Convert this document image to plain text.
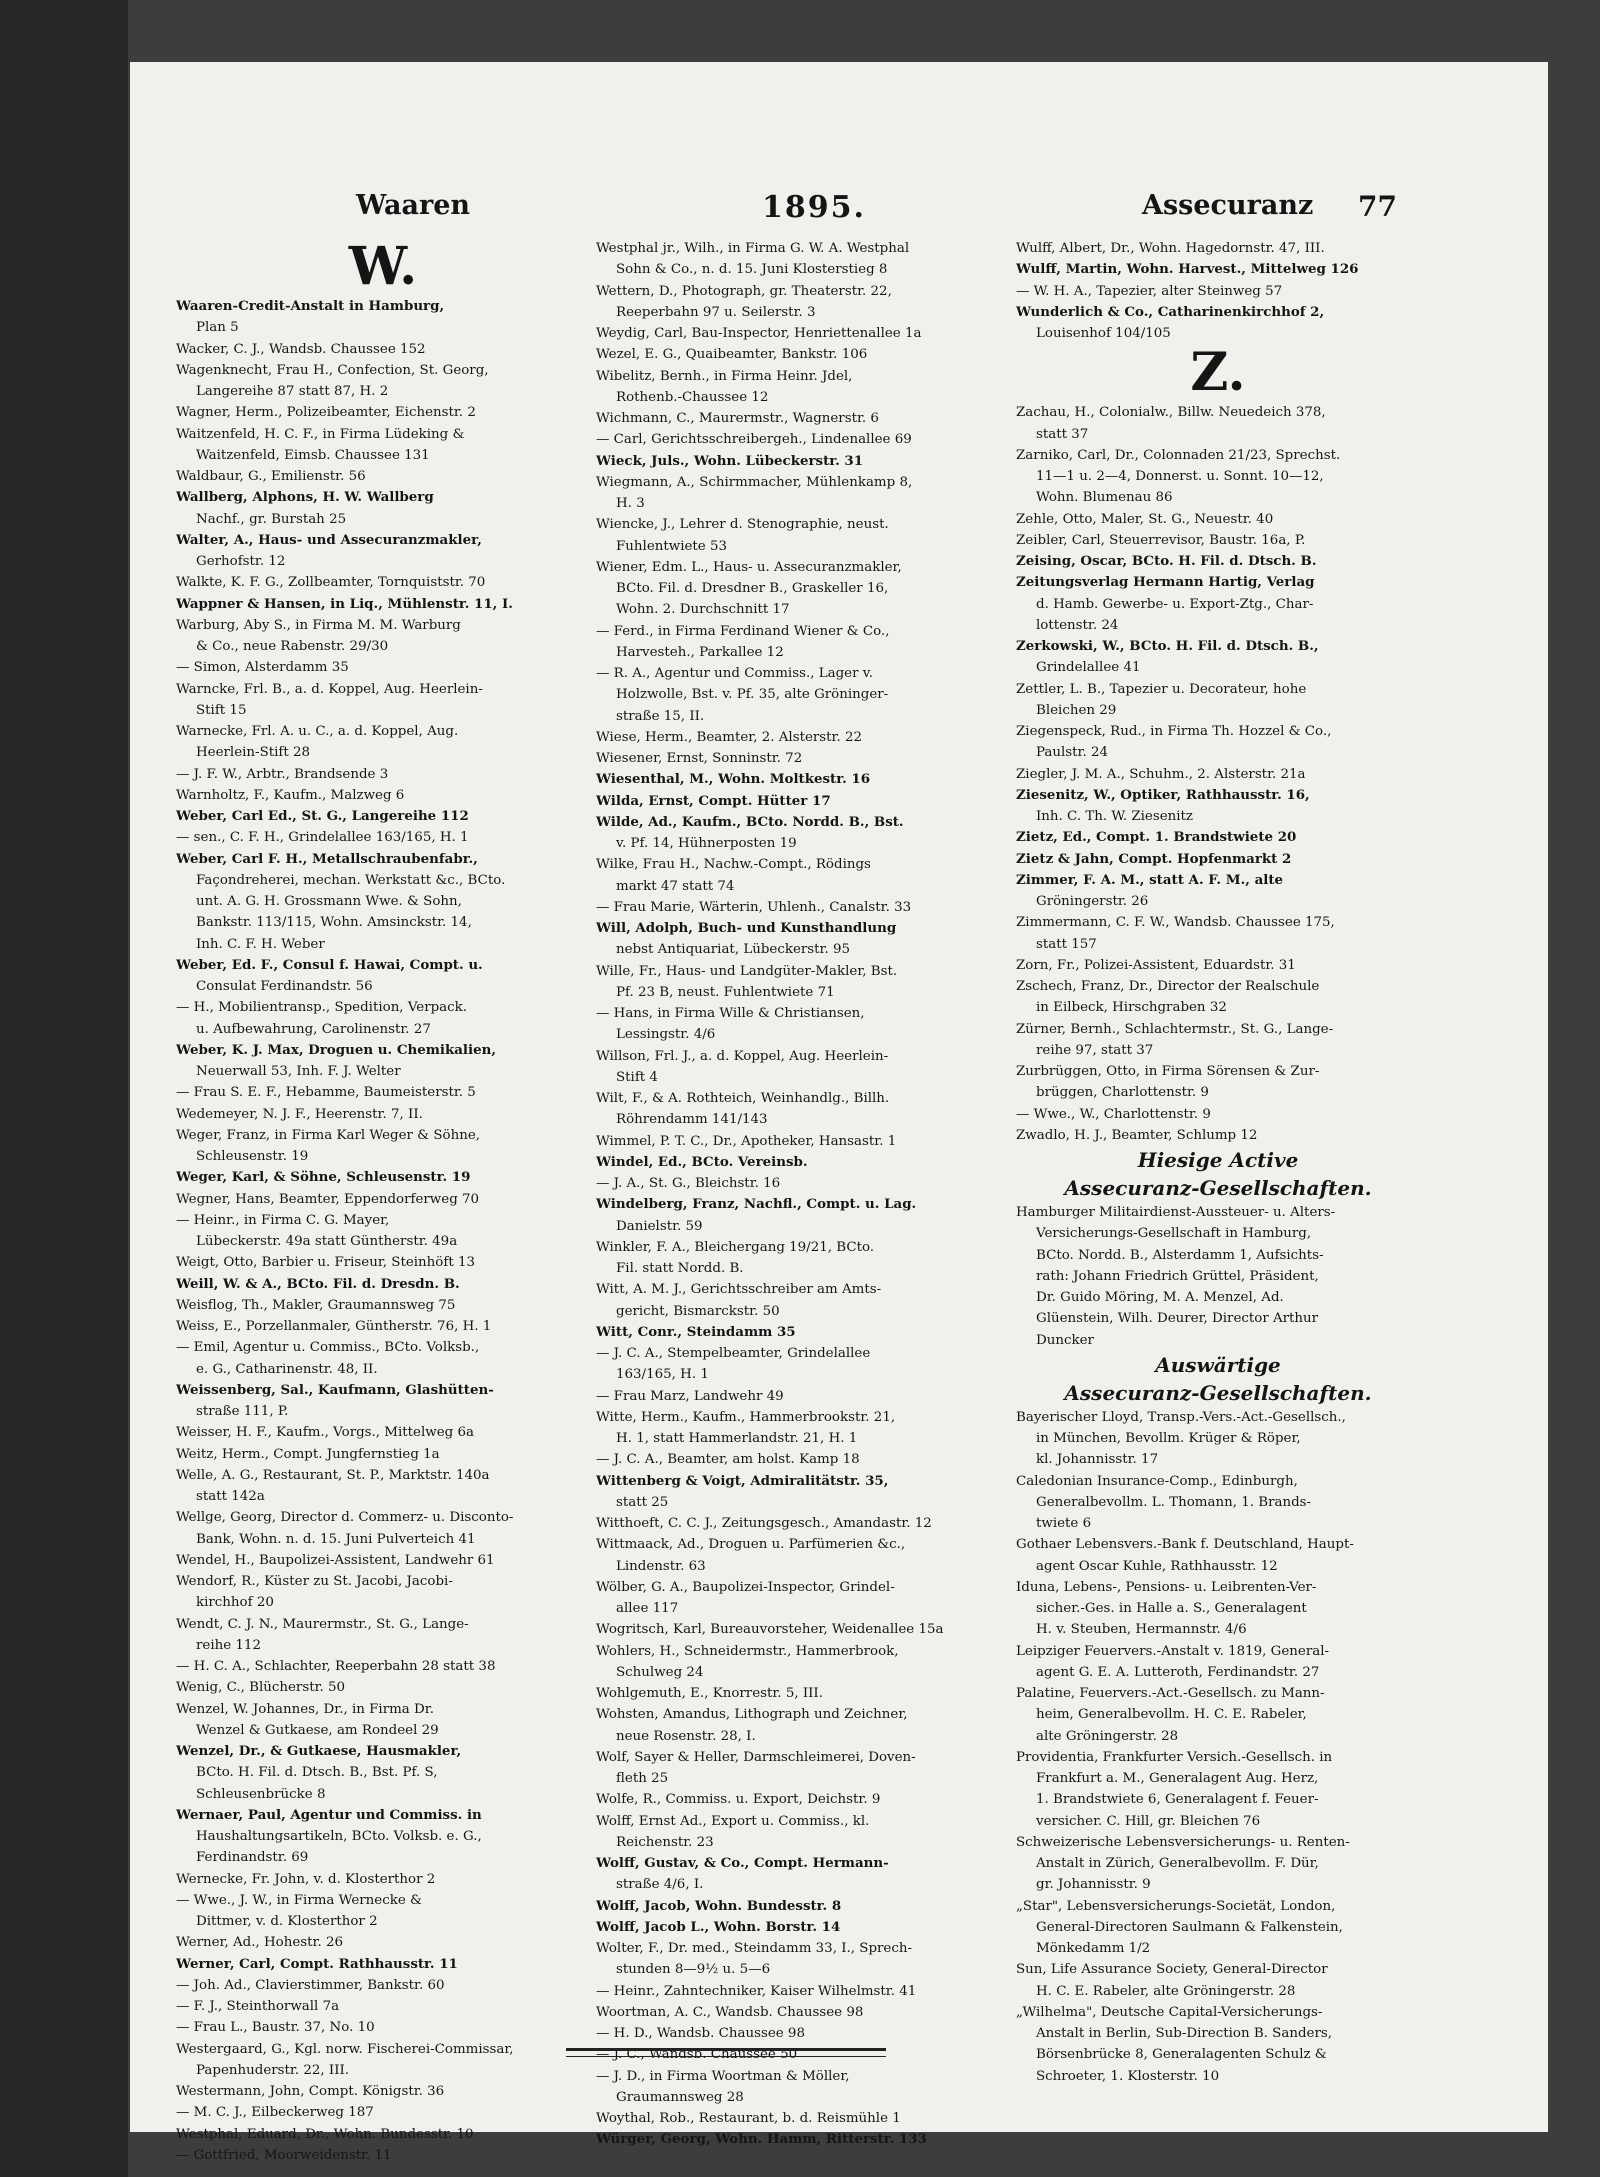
Waaren	1895.	Assecuranz 77
W.
Waaren-Credit-Anstalt in Hamburg,
Plan 5
Wacker, C. J., Wandsb. Chaussee 152
Wagenknecht, Frau H., Confection, St. Georg,
Langereihe 87 statt 87, H. 2
Wagner, Herm., Polizeibeamter, Eichenstr. 2
Waitzenfeld, H. C. F., in Firma Lüdeking &
Waitzenfeld, Eimsb. Chaussee 131
Waldbaur, G., Emilienstr. 56
Wallberg, Alphons, H. W. Wallberg
Nachf., gr. Burstah 25
Walter, A., Haus- und Assecuranzmakler,
Gerhofstr. 12
Walkte, K. F. G., Zollbeamter, Tornquiststr. 70
Wappner & Hansen, in Liq., Mühlenstr. 11, I.
Warburg, Aby S., in Firma M. M. Warburg
& Co., neue Rabenstr. 29/30
— Simon, Alsterdamm 35
Warncke, Frl. B., a. d. Koppel, Aug. Heerlein-
Stift 15
Warnecke, Frl. A. u. C., a. d. Koppel, Aug.
Heerlein-Stift 28
— J. F. W., Arbtr., Brandsende 3
Warnholtz, F., Kaufm., Malzweg 6
Weber, Carl Ed., St. G., Langereihe 112
— sen., C. F. H., Grindelallee 163/165, H. 1
Weber, Carl F. H., Metallschraubenfabr.,
Façondreherei, mechan. Werkstatt &c., BCto.
unt. A. G. H. Grossmann Wwe. & Sohn,
Bankstr. 113/115, Wohn. Amsinckstr. 14,
Inh. C. F. H. Weber
Weber, Ed. F., Consul f. Hawai, Compt. u.
Consulat Ferdinandstr. 56
— H., Mobilientransp., Spedition, Verpack.
u. Aufbewahrung, Carolinenstr. 27
Weber, K. J. Max, Droguen u. Chemikalien,
Neuerwall 53, Inh. F. J. Welter
— Frau S. E. F., Hebamme, Baumeisterstr. 5
Wedemeyer, N. J. F., Heerenstr. 7, II.
Weger, Franz, in Firma Karl Weger & Söhne,
Schleusenstr. 19
Weger, Karl, & Söhne, Schleusenstr. 19
Wegner, Hans, Beamter, Eppendorferweg 70
— Heinr., in Firma C. G. Mayer,
Lübeckerstr. 49a statt Güntherstr. 49a
Weigt, Otto, Barbier u. Friseur, Steinhöft 13
Weill, W. & A., BCto. Fil. d. Dresdn. B.
Weisflog, Th., Makler, Graumannsweg 75
Weiss, E., Porzellanmaler, Güntherstr. 76, H. 1
— Emil, Agentur u. Commiss., BCto. Volksb.,
e. G., Catharinenstr. 48, II.
Weissenberg, Sal., Kaufmann, Glashütten-
straße 111, P.
Weisser, H. F., Kaufm., Vorgs., Mittelweg 6a
Weitz, Herm., Compt. Jungfernstieg 1a
Welle, A. G., Restaurant, St. P., Marktstr. 140a
statt 142a
Wellge, Georg, Director d. Commerz- u. Disconto-
Bank, Wohn. n. d. 15. Juni Pulverteich 41
Wendel, H., Baupolizei-Assistent, Landwehr 61
Wendorf, R., Küster zu St. Jacobi, Jacobi-
kirchhof 20
Wendt, C. J. N., Maurermstr., St. G., Lange-
reihe 112
— H. C. A., Schlachter, Reeperbahn 28 statt 38
Wenig, C., Blücherstr. 50
Wenzel, W. Johannes, Dr., in Firma Dr.
Wenzel & Gutkaese, am Rondeel 29
Wenzel, Dr., & Gutkaese, Hausmakler,
BCto. H. Fil. d. Dtsch. B., Bst. Pf. S,
Schleusenbrücke 8
Wernaer, Paul, Agentur und Commiss. in
Haushaltungsartikeln, BCto. Volksb. e. G.,
Ferdinandstr. 69
Wernecke, Fr. John, v. d. Klosterthor 2
— Wwe., J. W., in Firma Wernecke &
Dittmer, v. d. Klosterthor 2
Werner, Ad., Hohestr. 26
Werner, Carl, Compt. Rathhausstr. 11
— Joh. Ad., Clavierstimmer, Bankstr. 60
— F. J., Steinthorwall 7a
— Frau L., Baustr. 37, No. 10
Westergaard, G., Kgl. norw. Fischerei-Commissar,
Papenhuderstr. 22, III.
Westermann, John, Compt. Königstr. 36
— M. C. J., Eilbeckerweg 187
Westphal, Eduard, Dr., Wohn. Bundesstr. 10
— Gottfried, Moorweidenstr. 11
Westphal jr., Wilh., in Firma G. W. A. Westphal
Sohn & Co., n. d. 15. Juni Klosterstieg 8
Wettern, D., Photograph, gr. Theaterstr. 22,
Reeperbahn 97 u. Seilerstr. 3
Weydig, Carl, Bau-Inspector, Henriettenallee 1a
Wezel, E. G., Quaibeamter, Bankstr. 106
Wibelitz, Bernh., in Firma Heinr. Jdel,
Rothenb.-Chaussee 12
Wichmann, C., Maurermstr., Wagnerstr. 6
— Carl, Gerichtsschreibergeh., Lindenallee 69
Wieck, Juls., Wohn. Lübeckerstr. 31
Wiegmann, A., Schirmmacher, Mühlenkamp 8,
H. 3
Wiencke, J., Lehrer d. Stenographie, neust.
Fuhlentwiete 53
Wiener, Edm. L., Haus- u. Assecuranzmakler,
BCto. Fil. d. Dresdner B., Graskeller 16,
Wohn. 2. Durchschnitt 17
— Ferd., in Firma Ferdinand Wiener & Co.,
Harvesteh., Parkallee 12
— R. A., Agentur und Commiss., Lager v.
Holzwolle, Bst. v. Pf. 35, alte Gröninger-
straße 15, II.
Wiese, Herm., Beamter, 2. Alsterstr. 22
Wiesener, Ernst, Sonninstr. 72
Wiesenthal, M., Wohn. Moltkestr. 16
Wilda, Ernst, Compt. Hütter 17
Wilde, Ad., Kaufm., BCto. Nordd. B., Bst.
v. Pf. 14, Hühnerposten 19
Wilke, Frau H., Nachw.-Compt., Rödings
markt 47 statt 74
— Frau Marie, Wärterin, Uhlenh., Canalstr. 33
Will, Adolph, Buch- und Kunsthandlung
nebst Antiquariat, Lübeckerstr. 95
Wille, Fr., Haus- und Landgüter-Makler, Bst.
Pf. 23 B, neust. Fuhlentwiete 71
— Hans, in Firma Wille & Christiansen,
Lessingstr. 4/6
Willson, Frl. J., a. d. Koppel, Aug. Heerlein-
Stift 4
Wilt, F., & A. Rothteich, Weinhandlg., Billh.
Röhrendamm 141/143
Wimmel, P. T. C., Dr., Apotheker, Hansastr. 1
Windel, Ed., BCto. Vereinsb.
— J. A., St. G., Bleichstr. 16
Windelberg, Franz, Nachfl., Compt. u. Lag.
Danielstr. 59
Winkler, F. A., Bleichergang 19/21, BCto.
Fil. statt Nordd. B.
Witt, A. M. J., Gerichtsschreiber am Amts-
gericht, Bismarckstr. 50
Witt, Conr., Steindamm 35
— J. C. A., Stempelbeamter, Grindelallee
163/165, H. 1
— Frau Marz, Landwehr 49
Witte, Herm., Kaufm., Hammerbrookstr. 21,
H. 1, statt Hammerlandstr. 21, H. 1
— J. C. A., Beamter, am holst. Kamp 18
Wittenberg & Voigt, Admiralitätstr. 35,
statt 25
Witthoeft, C. C. J., Zeitungsgesch., Amandastr. 12
Wittmaack, Ad., Droguen u. Parfümerien &c.,
Lindenstr. 63
Wölber, G. A., Baupolizei-Inspector, Grindel-
allee 117
Wogritsch, Karl, Bureauvorsteher, Weidenallee 15a
Wohlers, H., Schneidermstr., Hammerbrook,
Schulweg 24
Wohlgemuth, E., Knorrestr. 5, III.
Wohsten, Amandus, Lithograph und Zeichner,
neue Rosenstr. 28, I.
Wolf, Sayer & Heller, Darmschleimerei, Doven-
fleth 25
Wolfe, R., Commiss. u. Export, Deichstr. 9
Wolff, Ernst Ad., Export u. Commiss., kl.
Reichenstr. 23
Wolff, Gustav, & Co., Compt. Hermann-
straße 4/6, I.
Wolff, Jacob, Wohn. Bundesstr. 8
Wolff, Jacob L., Wohn. Borstr. 14
Wolter, F., Dr. med., Steindamm 33, I., Sprech-
stunden 8—9½ u. 5—6
— Heinr., Zahntechniker, Kaiser Wilhelmstr. 41
Woortman, A. C., Wandsb. Chaussee 98
— H. D., Wandsb. Chaussee 98
— J. C., Wandsb. Chaussee 50
— J. D., in Firma Woortman & Möller,
Graumannsweg 28
Woythal, Rob., Restaurant, b. d. Reismühle 1
Würger, Georg, Wohn. Hamm, Ritterstr. 133
Wulff, Albert, Dr., Wohn. Hagedornstr. 47, III.
Wulff, Martin, Wohn. Harvest., Mittelweg 126
— W. H. A., Tapezier, alter Steinweg 57
Wunderlich & Co., Catharinenkirchhof 2,
Louisenhof 104/105
Z.
Zachau, H., Colonialw., Billw. Neuedeich 378,
statt 37
Zarniko, Carl, Dr., Colonnaden 21/23, Sprechst.
11—1 u. 2—4, Donnerst. u. Sonnt. 10—12,
Wohn. Blumenau 86
Zehle, Otto, Maler, St. G., Neuestr. 40
Zeibler, Carl, Steuerrevisor, Baustr. 16a, P.
Zeising, Oscar, BCto. H. Fil. d. Dtsch. B.
Zeitungsverlag Hermann Hartig, Verlag
d. Hamb. Gewerbe- u. Export-Ztg., Char-
lottenstr. 24
Zerkowski, W., BCto. H. Fil. d. Dtsch. B.,
Grindelallee 41
Zettler, L. B., Tapezier u. Decorateur, hohe
Bleichen 29
Ziegenspeck, Rud., in Firma Th. Hozzel & Co.,
Paulstr. 24
Ziegler, J. M. A., Schuhm., 2. Alsterstr. 21a
Ziesenitz, W., Optiker, Rathhausstr. 16,
Inh. C. Th. W. Ziesenitz
Zietz, Ed., Compt. 1. Brandstwiete 20
Zietz & Jahn, Compt. Hopfenmarkt 2
Zimmer, F. A. M., statt A. F. M., alte
Gröningerstr. 26
Zimmermann, C. F. W., Wandsb. Chaussee 175,
statt 157
Zorn, Fr., Polizei-Assistent, Eduardstr. 31
Zschech, Franz, Dr., Director der Realschule
in Eilbeck, Hirschgraben 32
Zürner, Bernh., Schlachtermstr., St. G., Lange-
reihe 97, statt 37
Zurbrüggen, Otto, in Firma Sörensen & Zur-
brüggen, Charlottenstr. 9
— Wwe., W., Charlottenstr. 9
Zwadlo, H. J., Beamter, Schlump 12
Hiesige Active
Assecuranz-Gesellschaften.
Hamburger Militairdienst-Aussteuer- u. Alters-
Versicherungs-Gesellschaft in Hamburg,
BCto. Nordd. B., Alsterdamm 1, Aufsichts-
rath: Johann Friedrich Grüttel, Präsident,
Dr. Guido Möring, M. A. Menzel, Ad.
Glüenstein, Wilh. Deurer, Director Arthur
Duncker
Auswärtige
Assecuranz-Gesellschaften.
Bayerischer Lloyd, Transp.-Vers.-Act.-Gesellsch.,
in München, Bevollm. Krüger & Röper,
kl. Johannisstr. 17
Caledonian Insurance-Comp., Edinburgh,
Generalbevollm. L. Thomann, 1. Brands-
twiete 6
Gothaer Lebensvers.-Bank f. Deutschland, Haupt-
agent Oscar Kuhle, Rathhausstr. 12
Iduna, Lebens-, Pensions- u. Leibrenten-Ver-
sicher.-Ges. in Halle a. S., Generalagent
H. v. Steuben, Hermannstr. 4/6
Leipziger Feuervers.-Anstalt v. 1819, General-
agent G. E. A. Lutteroth, Ferdinandstr. 27
Palatine, Feuervers.-Act.-Gesellsch. zu Mann-
heim, Generalbevollm. H. C. E. Rabeler,
alte Gröningerstr. 28
Providentia, Frankfurter Versich.-Gesellsch. in
Frankfurt a. M., Generalagent Aug. Herz,
1. Brandstwiete 6, Generalagent f. Feuer-
versicher. C. Hill, gr. Bleichen 76
Schweizerische Lebensversicherungs- u. Renten-
Anstalt in Zürich, Generalbevollm. F. Dür,
gr. Johannisstr. 9
„Star", Lebensversicherungs-Societät, London,
General-Directoren Saulmann & Falkenstein,
Mönkedamm 1/2
Sun, Life Assurance Society, General-Director
H. C. E. Rabeler, alte Gröningerstr. 28
„Wilhelma", Deutsche Capital-Versicherungs-
Anstalt in Berlin, Sub-Direction B. Sanders,
Börsenbrücke 8, Generalagenten Schulz &
Schroeter, 1. Klosterstr. 10
